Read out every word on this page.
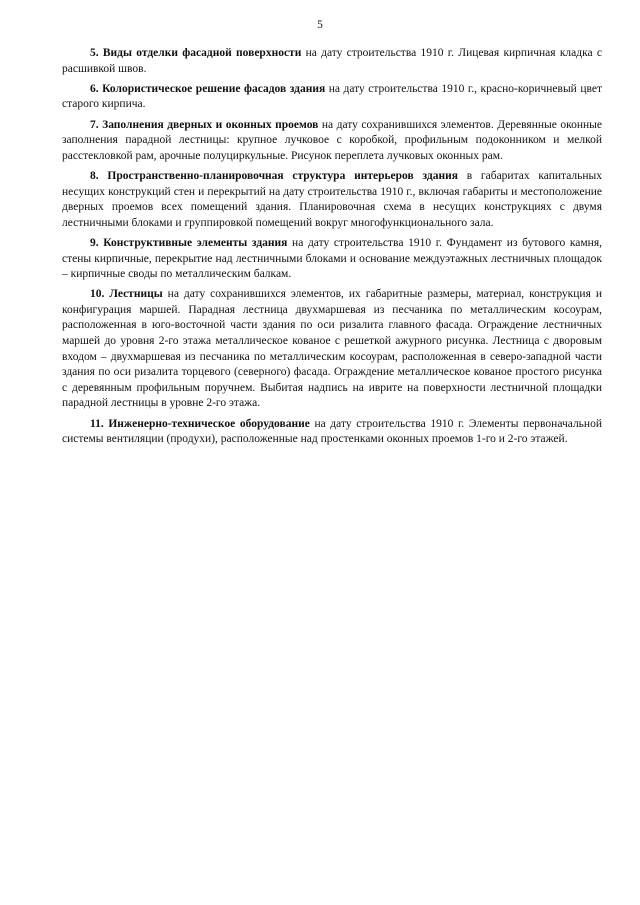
5

5. Виды отделки фасадной поверхности на дату строительства 1910 г. Лицевая кирпичная кладка с расшивкой швов.

6. Колористическое решение фасадов здания на дату строительства 1910 г., красно-коричневый цвет старого кирпича.

7. Заполнения дверных и оконных проемов на дату сохранившихся элементов. Деревянные оконные заполнения парадной лестницы: крупное лучковое с коробкой, профильным подоконником и мелкой расстекловкой рам, арочные полуциркульные. Рисунок переплета лучковых оконных рам.

8. Пространственно-планировочная структура интерьеров здания в габаритах капитальных несущих конструкций стен и перекрытий на дату строительства 1910 г., включая габариты и местоположение дверных проемов всех помещений здания. Планировочная схема в несущих конструкциях с двумя лестничными блоками и группировкой помещений вокруг многофункционального зала.

9. Конструктивные элементы здания на дату строительства 1910 г. Фундамент из бутового камня, стены кирпичные, перекрытие над лестничными блоками и основание междуэтажных лестничных площадок – кирпичные своды по металлическим балкам.

10. Лестницы на дату сохранившихся элементов, их габаритные размеры, материал, конструкция и конфигурация маршей. Парадная лестница двухмаршевая из песчаника по металлическим косоурам, расположенная в юго-восточной части здания по оси ризалита главного фасада. Ограждение лестничных маршей до уровня 2-го этажа металлическое кованое с решеткой ажурного рисунка. Лестница с дворовым входом – двухмаршевая из песчаника по металлическим косоурам, расположенная в северо-западной части здания по оси ризалита торцевого (северного) фасада. Ограждение металлическое кованое простого рисунка с деревянным профильным поручнем. Выбитая надпись на иврите на поверхности лестничной площадки парадной лестницы в уровне 2-го этажа.

11. Инженерно-техническое оборудование на дату строительства 1910 г. Элементы первоначальной системы вентиляции (продухи), расположенные над простенками оконных проемов 1-го и 2-го этажей.
